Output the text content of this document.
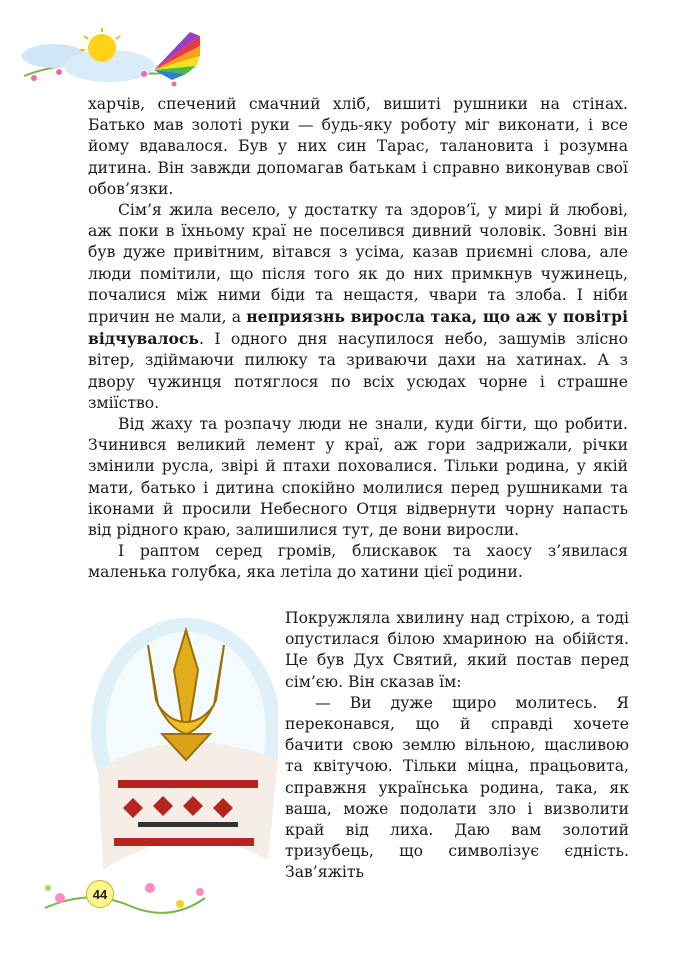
харчів, спечений смачний хліб, вишиті рушники на стінах. Батько мав золоті руки — будь-яку роботу міг виконати, і все йому вдавалося. Був у них син Тарас, талановита і розумна дитина. Він завжди допомагав батькам і справно виконував свої обов’язки.

Сім’я жила весело, у достатку та здоров’ї, у мирі й любові, аж поки в їхньому краї не поселився дивний чоловік. Зовні він був дуже привітним, вітався з усіма, казав приємні слова, але люди помітили, що після того як до них примкнув чужинець, почалися між ними біди та нещастя, чвари та злоба. І ніби причин не мали, а неприязнь виросла така, що аж у повітрі відчувалось. І одного дня насупилося небо, зашумів злісно вітер, здіймаючи пилюку та зриваючи дахи на хатинах. А з двору чужинця потяглося по всіх усюдах чорне і страшне зміїство.

Від жаху та розпачу люди не знали, куди бігти, що робити. Зчинився великий лемент у краї, аж гори задрижали, річки змінили русла, звірі й птахи поховалися. Тільки родина, у якій мати, батько і дитина спокійно молилися перед рушниками та іконами й просили Небесного Отця відвернути чорну напасть від рідного краю, залишилися тут, де вони виросли.

І раптом серед громів, блискавок та хаосу з’явилася маленька голубка, яка летіла до хатини цієї родини.

Покружляла хвилину над стріхою, а тоді опустилася білою хмариною на обійстя. Це був Дух Святий, який постав перед сім’єю. Він сказав їм:

— Ви дуже щиро молитесь. Я переконався, що й справді хочете бачити свою землю вільною, щасливою та квітучою. Тільки міцна, працьовита, справжня українська родина, така, як ваша, може подолати зло і визволити край від лиха. Даю вам золотий тризубець, що символізує єдність. Зав’яжіть

44
